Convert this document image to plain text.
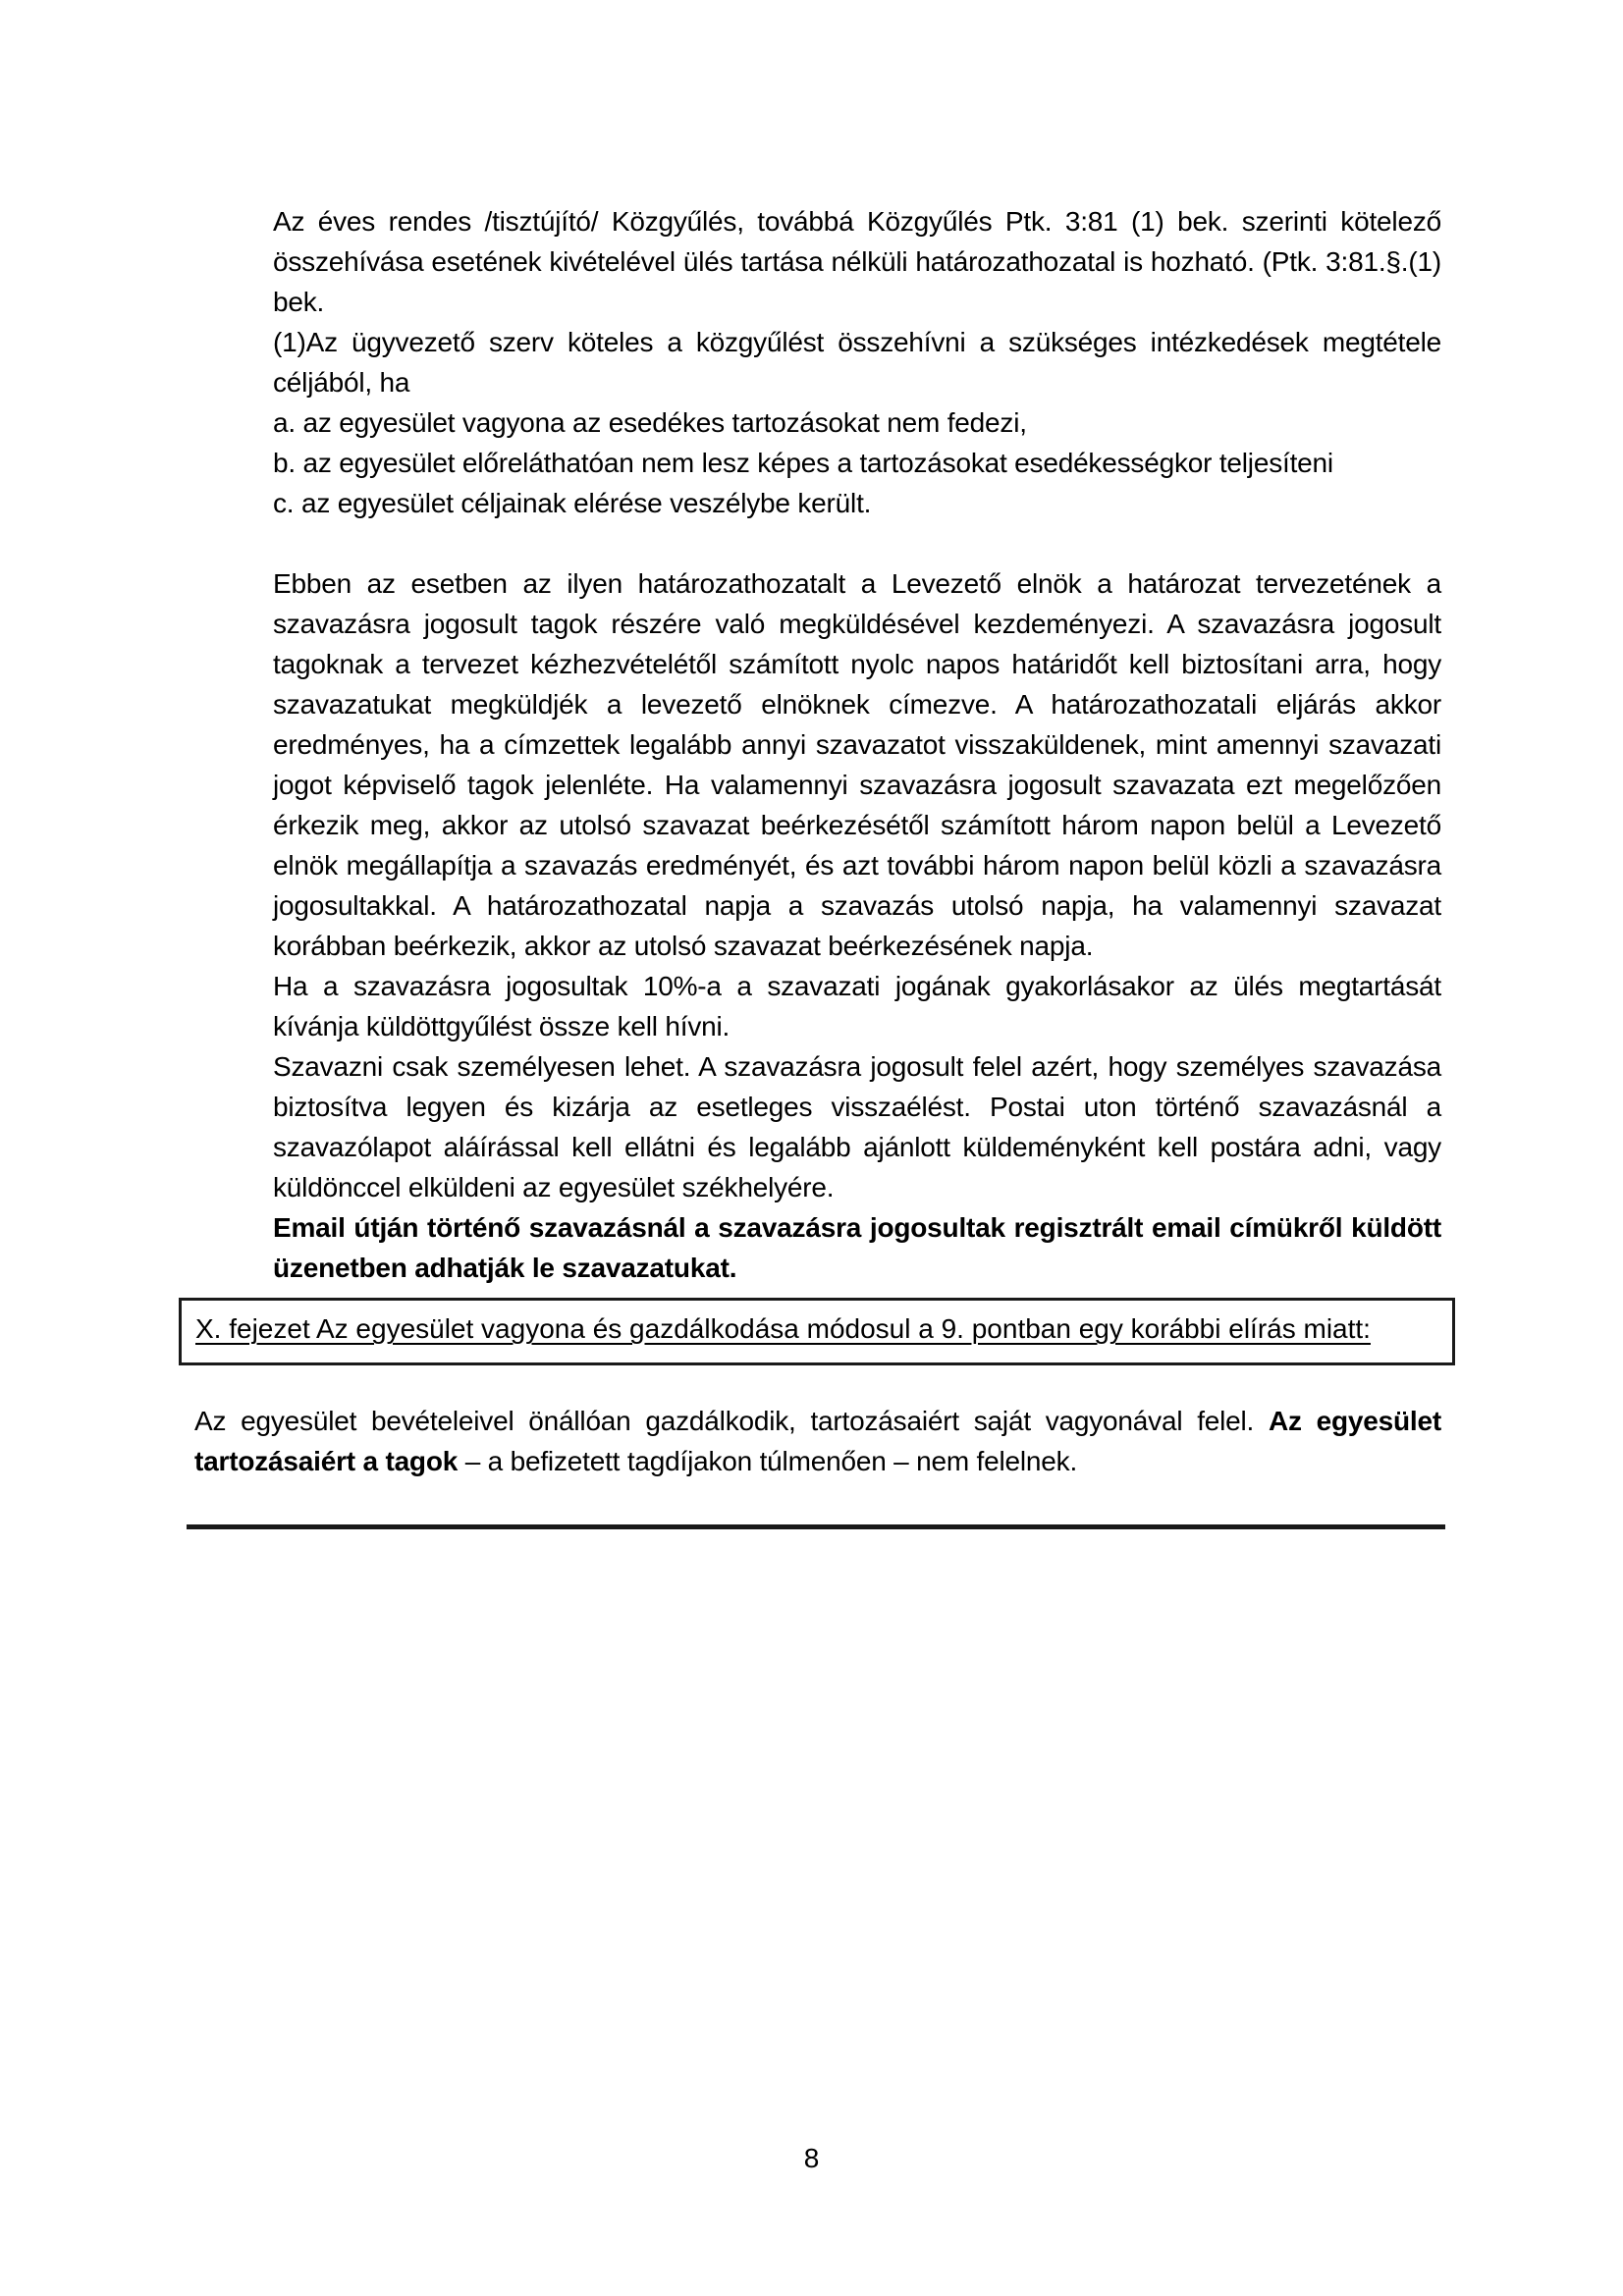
Az éves rendes /tisztújító/ Közgyűlés, továbbá Közgyűlés Ptk. 3:81 (1) bek. szerinti kötelező összehívása esetének kivételével ülés tartása nélküli határozathozatal is hozható. (Ptk. 3:81.§.(1) bek.

(1)Az ügyvezető szerv köteles a közgyűlést összehívni a szükséges intézkedések megtétele céljából, ha

a. az egyesület vagyona az esedékes tartozásokat nem fedezi,

b. az egyesület előreláthatóan nem lesz képes a tartozásokat esedékességkor teljesíteni

c. az egyesület céljainak elérése veszélybe került.

Ebben az esetben az ilyen határozathozatalt a Levezető elnök a határozat tervezetének a szavazásra jogosult tagok részére való megküldésével kezdeményezi. A szavazásra jogosult tagoknak a tervezet kézhezvételétől számított nyolc napos határidőt kell biztosítani arra, hogy szavazatukat megküldjék a levezető elnöknek címezve. A határozathozatali eljárás akkor eredményes, ha a címzettek legalább annyi szavazatot visszaküldenek, mint amennyi szavazati jogot képviselő tagok jelenléte. Ha valamennyi szavazásra jogosult szavazata ezt megelőzően érkezik meg, akkor az utolsó szavazat beérkezésétől számított három napon belül a Levezető elnök megállapítja a szavazás eredményét, és azt további három napon belül közli a szavazásra jogosultakkal. A határozathozatal napja a szavazás utolsó napja, ha valamennyi szavazat korábban beérkezik, akkor az utolsó szavazat beérkezésének napja.

Ha a szavazásra jogosultak 10%-a a szavazati jogának gyakorlásakor az ülés megtartását kívánja küldöttgyűlést össze kell hívni.

Szavazni csak személyesen lehet. A szavazásra jogosult felel azért, hogy személyes szavazása biztosítva legyen és kizárja az esetleges visszaélést. Postai uton történő szavazásnál a szavazólapot aláírással kell ellátni és legalább ajánlott küldeményként kell postára adni, vagy küldönccel elküldeni az egyesület székhelyére.

Email útján történő szavazásnál a szavazásra jogosultak regisztrált email címükről küldött üzenetben adhatják le szavazatukat.

X. fejezet Az egyesület vagyona és gazdálkodása módosul a 9. pontban egy korábbi elírás miatt:

Az egyesület bevételeivel önállóan gazdálkodik, tartozásaiért saját vagyonával felel. Az egyesület tartozásaiért a tagok – a befizetett tagdíjakon túlmenően – nem felelnek.

8
